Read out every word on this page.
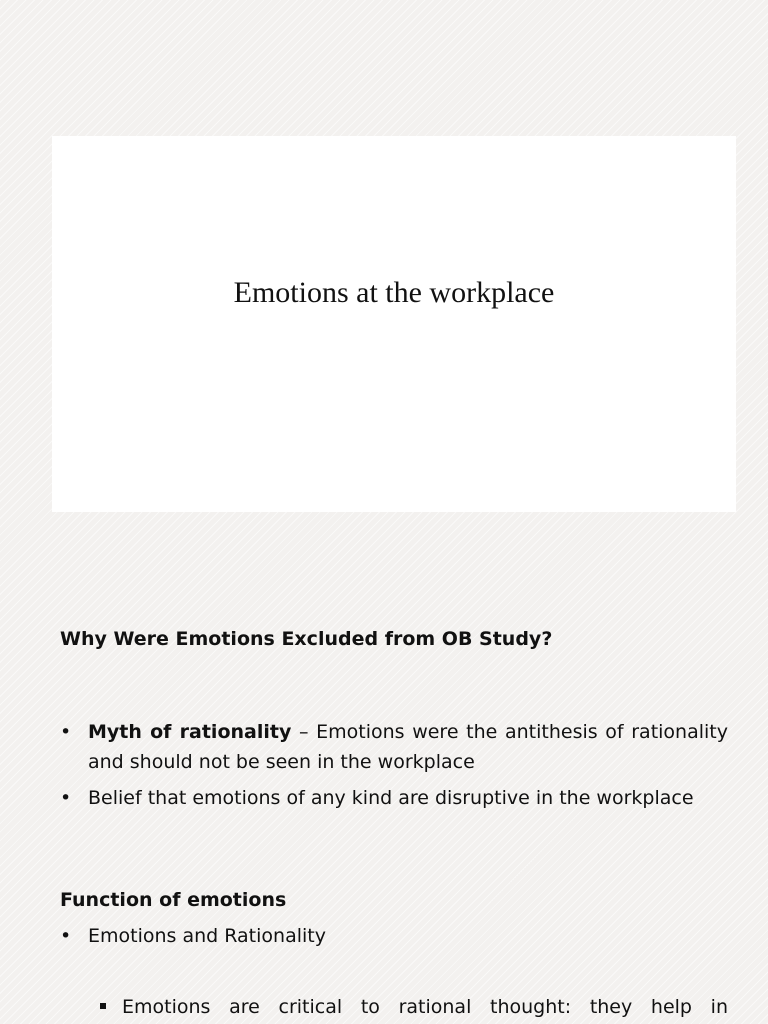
Emotions at the workplace
Why Were Emotions Excluded from OB Study?
• Myth of rationality – Emotions were the antithesis of rationality and should not be seen in the workplace
• Belief that emotions of any kind are disruptive in the workplace
Function of emotions
• Emotions and Rationality
Emotions are critical to rational thought: they help in
